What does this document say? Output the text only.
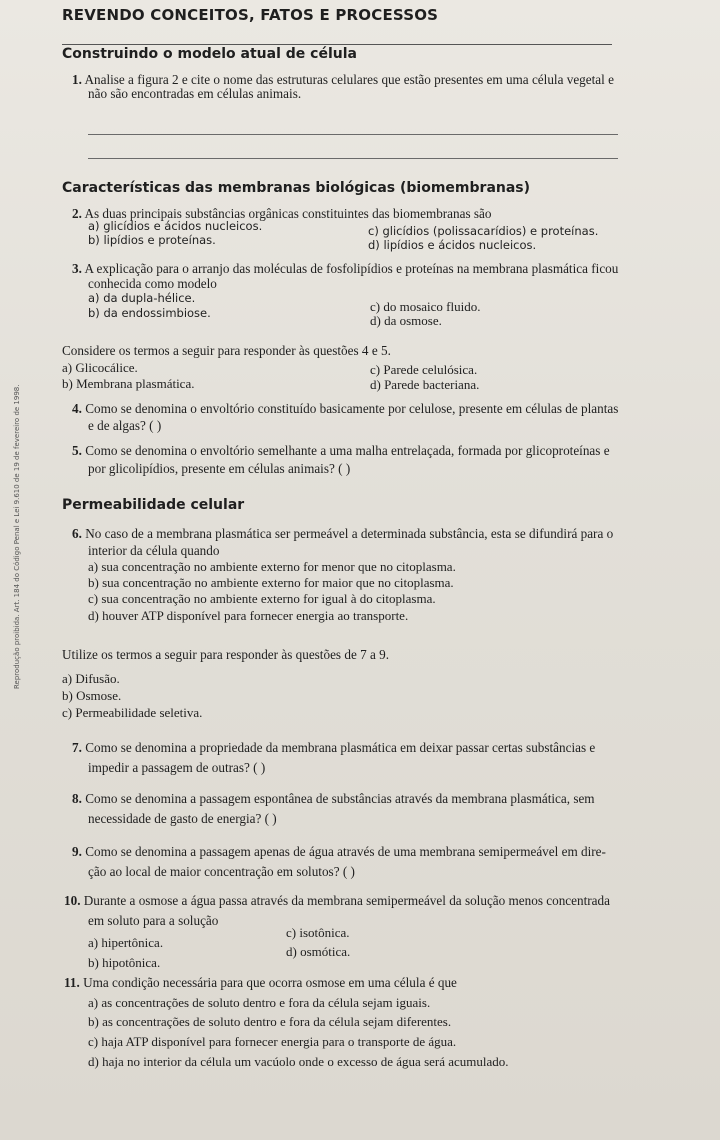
Reprodução proibida. Art. 184 do Código Penal e Lei 9.610 de 19 de fevereiro de 1998.
REVENDO CONCEITOS, FATOS E PROCESSOS
Construindo o modelo atual de célula
1. Analise a figura 2 e cite o nome das estruturas celulares que estão presentes em uma célula vegetal e
não são encontradas em células animais.
Características das membranas biológicas (biomembranas)
2. As duas principais substâncias orgânicas constituintes das biomembranas são
a) glicídios e ácidos nucleicos.
b) lipídios e proteínas.
c) glicídios (polissacarídios) e proteínas.
d) lipídios e ácidos nucleicos.
3. A explicação para o arranjo das moléculas de fosfolipídios e proteínas na membrana plasmática ficou
conhecida como modelo
a) da dupla-hélice.
b) da endossimbiose.	c) do mosaico fluido.
d) da osmose.
Considere os termos a seguir para responder às questões 4 e 5.
a) Glicocálice.
b) Membrana plasmática.
c) Parede celulósica.
d) Parede bacteriana.
4. Como se denomina o envoltório constituído basicamente por celulose, presente em células de plantas
e de algas? ( )
5. Como se denomina o envoltório semelhante a uma malha entrelaçada, formada por glicoproteínas e
por glicolipídios, presente em células animais? ( )
Permeabilidade celular
6. No caso de a membrana plasmática ser permeável a determinada substância, esta se difundirá para o
interior da célula quando
a) sua concentração no ambiente externo for menor que no citoplasma.
b) sua concentração no ambiente externo for maior que no citoplasma.
c) sua concentração no ambiente externo for igual à do citoplasma.
d) houver ATP disponível para fornecer energia ao transporte.
Utilize os termos a seguir para responder às questões de 7 a 9.
a) Difusão.
b) Osmose.
c) Permeabilidade seletiva.
7. Como se denomina a propriedade da membrana plasmática em deixar passar certas substâncias e
impedir a passagem de outras? ( )
8. Como se denomina a passagem espontânea de substâncias através da membrana plasmática, sem
necessidade de gasto de energia? ( )
9. Como se denomina a passagem apenas de água através de uma membrana semipermeável em dire-
ção ao local de maior concentração em solutos? ( )
10. Durante a osmose a água passa através da membrana semipermeável da solução menos concentrada
em soluto para a solução
a) hipertônica.
b) hipotônica.
c) isotônica.
d) osmótica.
11. Uma condição necessária para que ocorra osmose em uma célula é que
a) as concentrações de soluto dentro e fora da célula sejam iguais.
b) as concentrações de soluto dentro e fora da célula sejam diferentes.
c) haja ATP disponível para fornecer energia para o transporte de água.
d) haja no interior da célula um vacúolo onde o excesso de água será acumulado.
